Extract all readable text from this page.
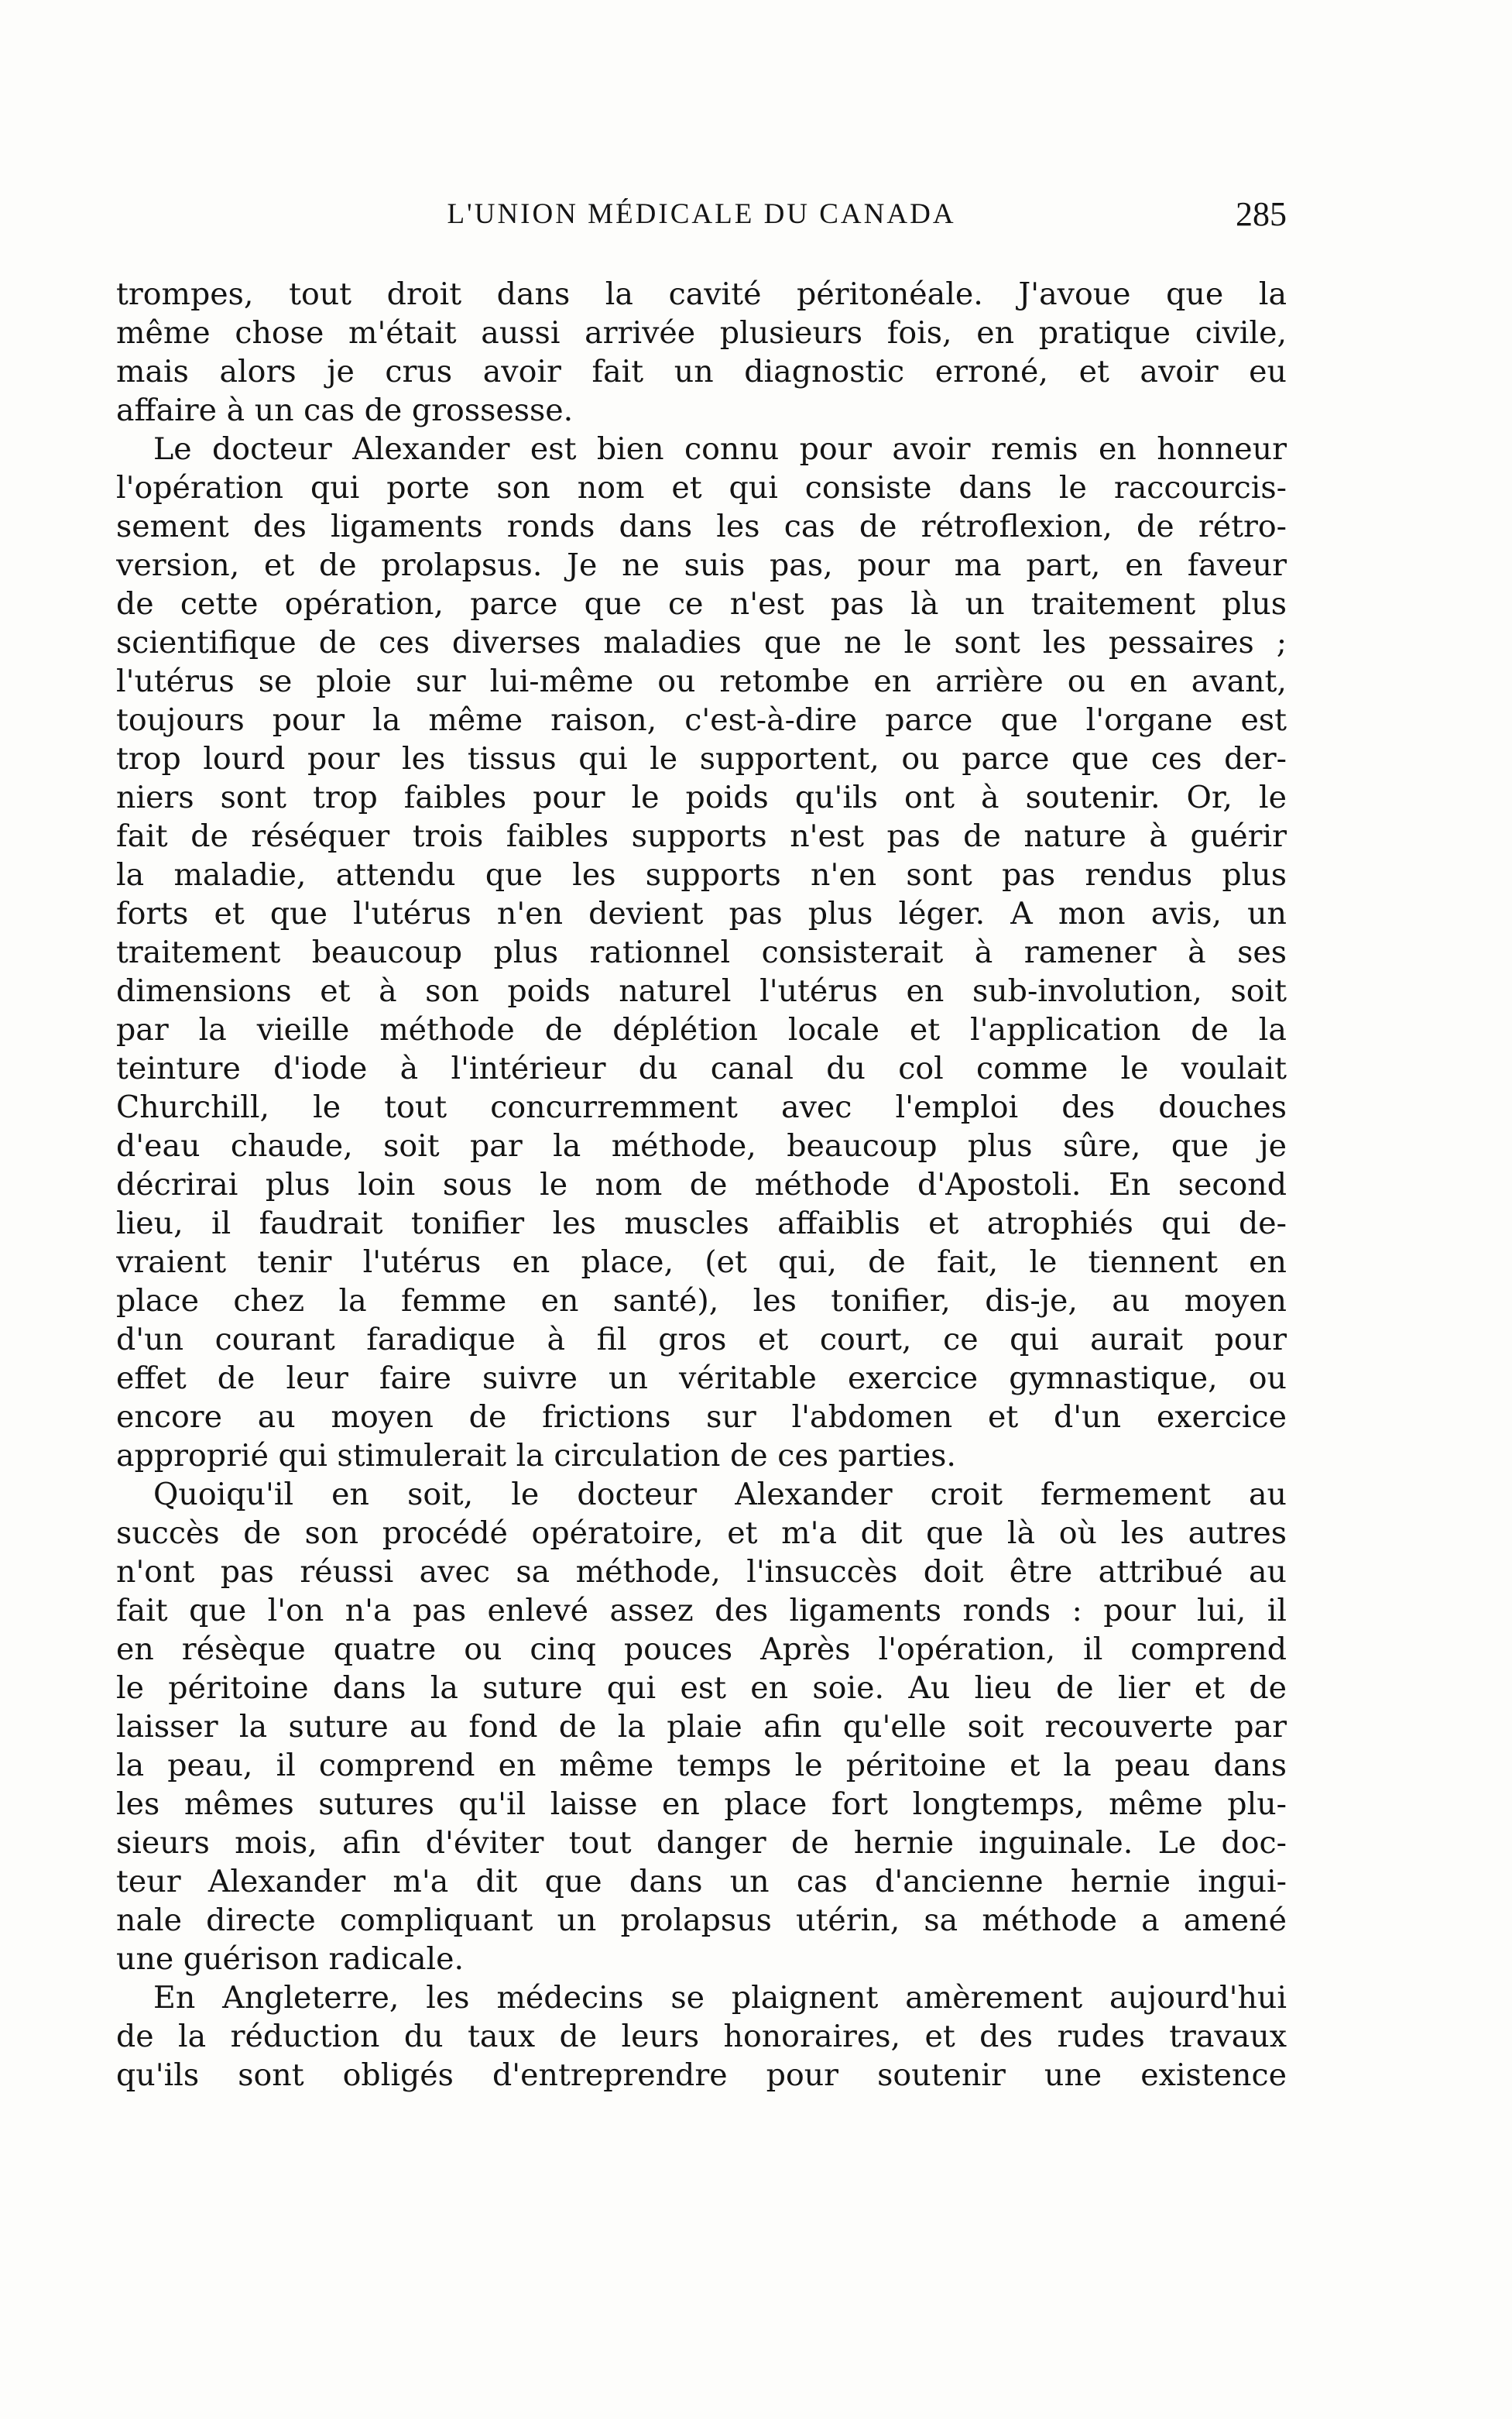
L'UNION MÉDICALE DU CANADA	285
trompes, tout droit dans la cavité péritonéale. J'avoue que la
même chose m'était aussi arrivée plusieurs fois, en pratique civile,
mais alors je crus avoir fait un diagnostic erroné, et avoir eu
affaire à un cas de grossesse.
Le docteur Alexander est bien connu pour avoir remis en honneur
l'opération qui porte son nom et qui consiste dans le raccourcis-
sement des ligaments ronds dans les cas de rétroflexion, de rétro-
version, et de prolapsus. Je ne suis pas, pour ma part, en faveur
de cette opération, parce que ce n'est pas là un traitement plus
scientifique de ces diverses maladies que ne le sont les pessaires ;
l'utérus se ploie sur lui-même ou retombe en arrière ou en avant,
toujours pour la même raison, c'est-à-dire parce que l'organe est
trop lourd pour les tissus qui le supportent, ou parce que ces der-
niers sont trop faibles pour le poids qu'ils ont à soutenir. Or, le
fait de réséquer trois faibles supports n'est pas de nature à guérir
la maladie, attendu que les supports n'en sont pas rendus plus
forts et que l'utérus n'en devient pas plus léger. A mon avis, un
traitement beaucoup plus rationnel consisterait à ramener à ses
dimensions et à son poids naturel l'utérus en sub-involution, soit
par la vieille méthode de déplétion locale et l'application de la
teinture d'iode à l'intérieur du canal du col comme le voulait
Churchill, le tout concurremment avec l'emploi des douches
d'eau chaude, soit par la méthode, beaucoup plus sûre, que je
décrirai plus loin sous le nom de méthode d'Apostoli. En second
lieu, il faudrait tonifier les muscles affaiblis et atrophiés qui de-
vraient tenir l'utérus en place, (et qui, de fait, le tiennent en
place chez la femme en santé), les tonifier, dis-je, au moyen
d'un courant faradique à fil gros et court, ce qui aurait pour
effet de leur faire suivre un véritable exercice gymnastique, ou
encore au moyen de frictions sur l'abdomen et d'un exercice
approprié qui stimulerait la circulation de ces parties.
Quoiqu'il en soit, le docteur Alexander croit fermement au
succès de son procédé opératoire, et m'a dit que là où les autres
n'ont pas réussi avec sa méthode, l'insuccès doit être attribué au
fait que l'on n'a pas enlevé assez des ligaments ronds : pour lui, il
en résèque quatre ou cinq pouces Après l'opération, il comprend
le péritoine dans la suture qui est en soie. Au lieu de lier et de
laisser la suture au fond de la plaie afin qu'elle soit recouverte par
la peau, il comprend en même temps le péritoine et la peau dans
les mêmes sutures qu'il laisse en place fort longtemps, même plu-
sieurs mois, afin d'éviter tout danger de hernie inguinale. Le doc-
teur Alexander m'a dit que dans un cas d'ancienne hernie ingui-
nale directe compliquant un prolapsus utérin, sa méthode a amené
une guérison radicale.
En Angleterre, les médecins se plaignent amèrement aujourd'hui
de la réduction du taux de leurs honoraires, et des rudes travaux
qu'ils sont obligés d'entreprendre pour soutenir une existence
